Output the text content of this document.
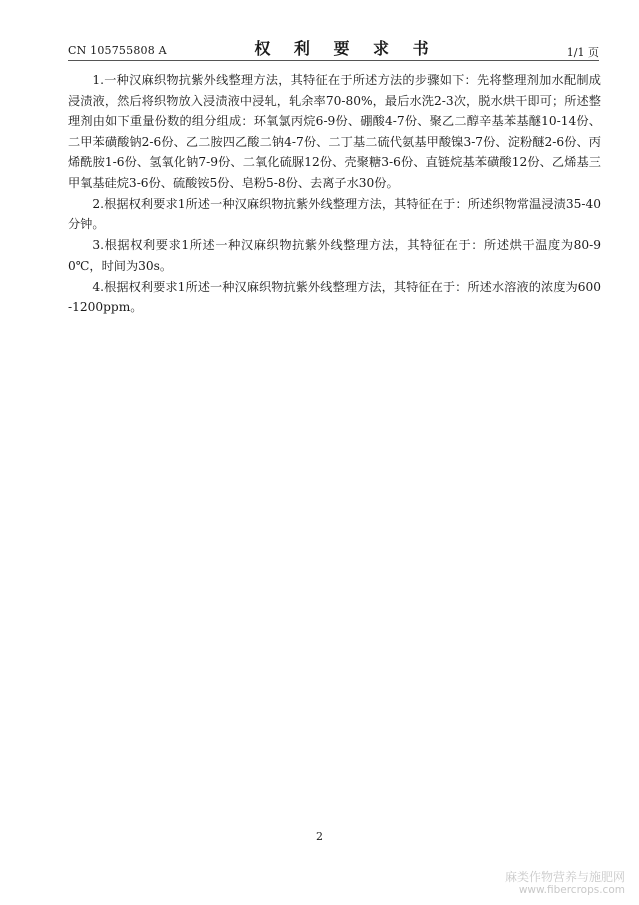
CN 105755808 A	权 利 要 求 书	1/1 页

1.一种汉麻织物抗紫外线整理方法，其特征在于所述方法的步骤如下：先将整理剂加水配制成浸渍液，然后将织物放入浸渍液中浸轧，轧余率70-80%，最后水洗2-3次，脱水烘干即可；所述整理剂由如下重量份数的组分组成：环氧氯丙烷6-9份、硼酸4-7份、聚乙二醇辛基苯基醚10-14份、二甲苯磺酸钠2-6份、乙二胺四乙酸二钠4-7份、二丁基二硫代氨基甲酸镍3-7份、淀粉醚2-6份、丙烯酰胺1-6份、氢氧化钠7-9份、二氧化硫脲12份、壳聚糖3-6份、直链烷基苯磺酸12份、乙烯基三甲氧基硅烷3-6份、硫酸铵5份、皂粉5-8份、去离子水30份。

2.根据权利要求1所述一种汉麻织物抗紫外线整理方法，其特征在于：所述织物常温浸渍35-40分钟。

3.根据权利要求1所述一种汉麻织物抗紫外线整理方法，其特征在于：所述烘干温度为80-90℃，时间为30s。

4.根据权利要求1所述一种汉麻织物抗紫外线整理方法，其特征在于：所述水溶液的浓度为600-1200ppm。

2
麻类作物营养与施肥网
www.fibercrops.com
